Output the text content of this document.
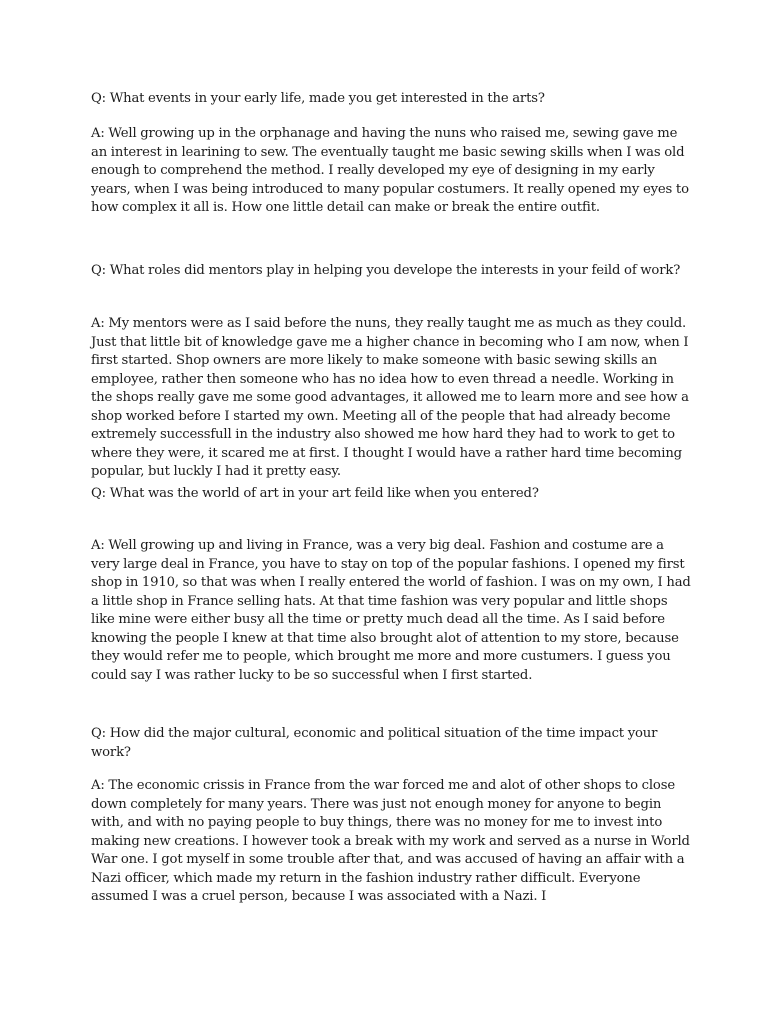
Q: What events in your early life, made you get interested in the arts?

A: Well growing up in the orphanage and having the nuns who raised me, sewing gave me an interest in learining to sew. The eventually taught me basic sewing skills when I was old enough to comprehend the method. I really developed my eye of designing in my early years, when I was being introduced to many popular costumers. It really opened my eyes to how complex it all is. How one little detail can make or break the entire outfit.

Q: What roles did mentors play in helping you develope the interests in your feild of work?

A: My mentors were as I said before the nuns, they really taught me as much as they could. Just that little bit of knowledge gave me a higher chance in becoming who I am now, when I first started. Shop owners are more likely to make someone with basic sewing skills an employee, rather then someone who has no idea how to even thread a needle. Working in the shops really gave me some good advantages, it allowed me to learn more and see how a shop worked before I started my own. Meeting all of the people that had already become extremely successfull in the industry also showed me how hard they had to work to get to where they were, it scared me at first. I thought I would have a rather hard time becoming popular, but luckly I had it pretty easy.

Q: What was the world of art in your art feild like when you entered?

A: Well growing up and living in France, was a very big deal. Fashion and costume are a very large deal in France, you have to stay on top of the popular fashions. I opened my first shop in 1910, so that was when I really entered the world of fashion. I was on my own, I had a little shop in France selling hats. At that time fashion was very popular and little shops like mine were either busy all the time or pretty much dead all the time. As I said before knowing the people I knew at that time also brought alot of attention to my store, because they would refer me to people, which brought me more and more custumers. I guess you could say I was rather lucky to be so successful when I first started.

Q: How did the major cultural, economic and political situation of the time impact your work?

A: The economic crissis in France from the war forced me and alot of other shops to close down completely for many years. There was just not enough money for anyone to begin with, and with no paying people to buy things, there was no money for me to invest into making new creations. I however took a break with my work and served as a nurse in World War one. I got myself in some trouble after that, and was accused of having an affair with a Nazi officer, which made my return in the fashion industry rather difficult. Everyone assumed I was a cruel person, because I was associated with a Nazi. I
